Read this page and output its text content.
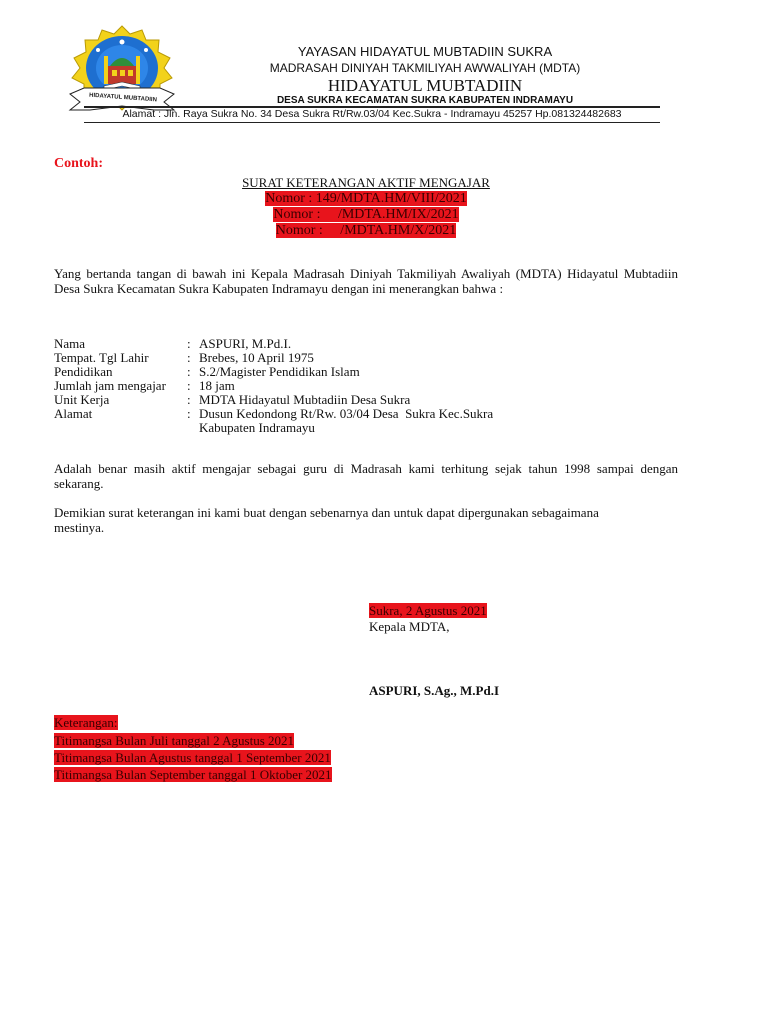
HIDAYATUL MUBTADIIN
YAYASAN HIDAYATUL MUBTADIIN SUKRA
MADRASAH DINIYAH TAKMILIYAH AWWALIYAH (MDTA)
HIDAYATUL MUBTADIIN
DESA SUKRA KECAMATAN SUKRA KABUPATEN INDRAMAYU
Alamat : Jln. Raya Sukra No. 34 Desa Sukra Rt/Rw.03/04 Kec.Sukra - Indramayu 45257 Hp.081324482683
Contoh:
SURAT KETERANGAN AKTIF MENGAJAR
Nomor : 149/MDTA.HM/VIII/2021
Nomor :     /MDTA.HM/IX/2021
Nomor :     /MDTA.HM/X/2021
Yang bertanda tangan di bawah ini Kepala Madrasah Diniyah Takmiliyah Awaliyah (MDTA) Hidayatul Mubtadiin Desa Sukra Kecamatan Sukra Kabupaten Indramayu dengan ini menerangkan bahwa :
Nama	: ASPURI, M.Pd.I.
Tempat. Tgl Lahir	: Brebes, 10 April 1975
Pendidikan	: S.2/Magister Pendidikan Islam
Jumlah jam mengajar : 18 jam
Unit Kerja	: MDTA Hidayatul Mubtadiin Desa Sukra
Alamat	: Dusun Kedondong Rt/Rw. 03/04 Desa  Sukra Kec.Sukra
Kabupaten Indramayu
Adalah benar masih aktif mengajar sebagai guru di Madrasah kami terhitung sejak tahun 1998 sampai dengan sekarang.
Demikian surat keterangan ini kami buat dengan sebenarnya dan untuk dapat dipergunakan sebagaimana mestinya.
Sukra, 2 Agustus 2021
Kepala MDTA,
ASPURI, S.Ag., M.Pd.I
Keterangan:
Titimangsa Bulan Juli tanggal 2 Agustus 2021
Titimangsa Bulan Agustus tanggal 1 September 2021
Titimangsa Bulan September tanggal 1 Oktober 2021
